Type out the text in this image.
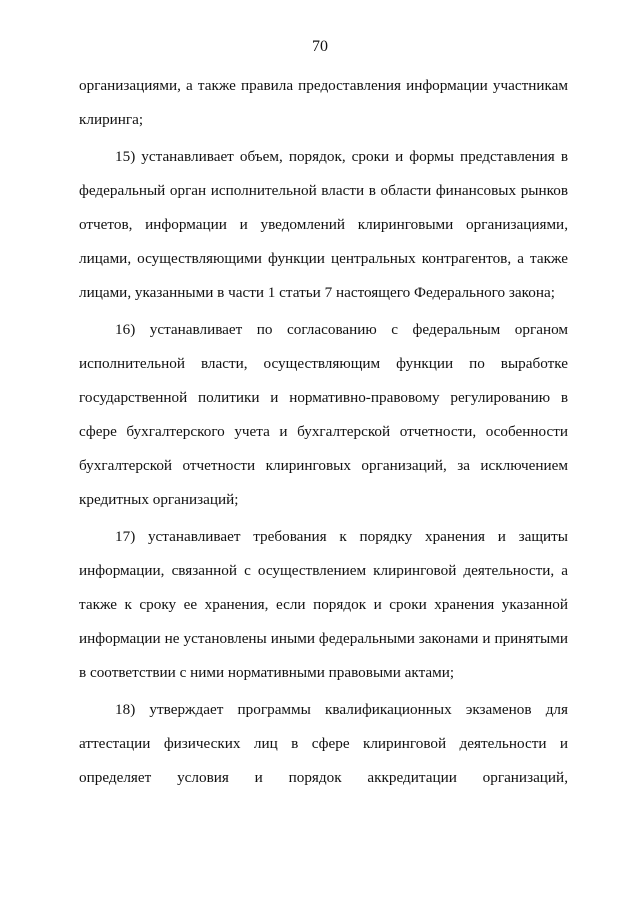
70
организациями, а также правила предоставления информации участникам
клиринга;
15) устанавливает объем, порядок, сроки и формы представления в
федеральный орган исполнительной власти в области финансовых рынков
отчетов, информации и уведомлений клиринговыми организациями,
лицами, осуществляющими функции центральных контрагентов, а также
лицами, указанными в части 1 статьи 7 настоящего Федерального закона;
16) устанавливает по согласованию с федеральным органом
исполнительной власти, осуществляющим функции по выработке
государственной политики и нормативно-правовому регулированию в
сфере бухгалтерского учета и бухгалтерской отчетности, особенности
бухгалтерской отчетности клиринговых организаций, за исключением
кредитных организаций;
17) устанавливает требования к порядку хранения и защиты
информации, связанной с осуществлением клиринговой деятельности, а
также к сроку ее хранения, если порядок и сроки хранения указанной
информации не установлены иными федеральными законами и принятыми
в соответствии с ними нормативными правовыми актами;
18) утверждает программы квалификационных экзаменов для
аттестации физических лиц в сфере клиринговой деятельности и
определяет условия и порядок аккредитации организаций,
